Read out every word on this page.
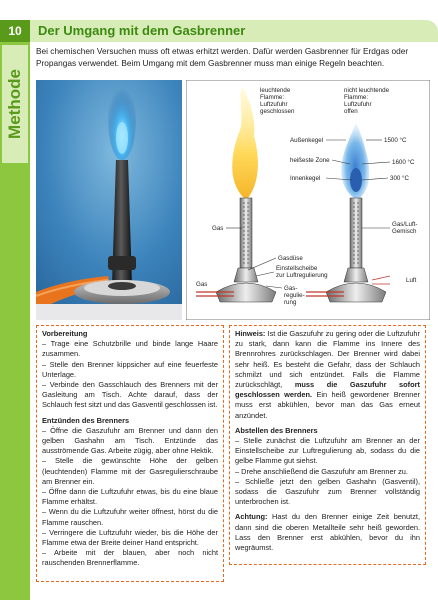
10
Methode
Der Umgang mit dem Gasbrenner

Bei chemischen Versuchen muss oft etwas erhitzt werden. Dafür werden Gasbrenner für Erdgas oder Propangas verwendet. Beim Umgang mit dem Gasbrenner muss man einige Regeln beachten.

leuchtende Flamme: Luftzufuhr geschlossen
nicht leuchtende Flamme: Luftzufuhr offen
Außenkegel
heißeste Zone
Innenkegel
1500 °C
1600 °C
300 °C
Gas
Gas/Luft- Gemisch
Gasdüse
Einstellscheibe zur Luftregulierung
Gas
Gas- regulie- rung
Luft
Vorbereitung
– Trage eine Schutzbrille und binde lange Haare zusammen.
– Stelle den Brenner kippsicher auf eine feuerfeste Unterlage.
– Verbinde den Gasschlauch des Brenners mit der Gasleitung am Tisch. Achte darauf, dass der Schlauch fest sitzt und das Gasventil geschlossen ist.
Entzünden des Brenners
– Öffne die Gaszufuhr am Brenner und dann den gelben Gashahn am Tisch. Entzünde das ausströmende Gas. Arbeite zügig, aber ohne Hektik.
– Stelle die gewünschte Höhe der gelben (leuchtenden) Flamme mit der Gasregulierschraube am Brenner ein.
– Öffne dann die Luftzufuhr etwas, bis du eine blaue Flamme erhältst.
– Wenn du die Luftzufuhr weiter öffnest, hörst du die Flamme rauschen.
– Verringere die Luftzufuhr wieder, bis die Höhe der Flamme etwa der Breite deiner Hand entspricht.
– Arbeite mit der blauen, aber noch nicht rauschenden Brennerflamme.
Hinweis: Ist die Gaszufuhr zu gering oder die Luftzufuhr zu stark, dann kann die Flamme ins Innere des Brennrohres zurückschlagen. Der Brenner wird dabei sehr heiß. Es besteht die Gefahr, dass der Schlauch schmilzt und sich entzündet. Falls die Flamme zurückschlägt, muss die Gaszufuhr sofort geschlossen werden. Ein heiß gewordener Brenner muss erst abkühlen, bevor man das Gas erneut anzündet.
Abstellen des Brenners
– Stelle zunächst die Luftzufuhr am Brenner an der Einstellscheibe zur Luftregulierung ab, sodass du die gelbe Flamme gut siehst.
– Drehe anschließend die Gaszufuhr am Brenner zu.
– Schließe jetzt den gelben Gashahn (Gasventil), sodass die Gaszufuhr zum Brenner vollständig unterbrochen ist.
Achtung: Hast du den Brenner einige Zeit benutzt, dann sind die oberen Metallteile sehr heiß geworden. Lass den Brenner erst abkühlen, bevor du ihn wegräumst.
